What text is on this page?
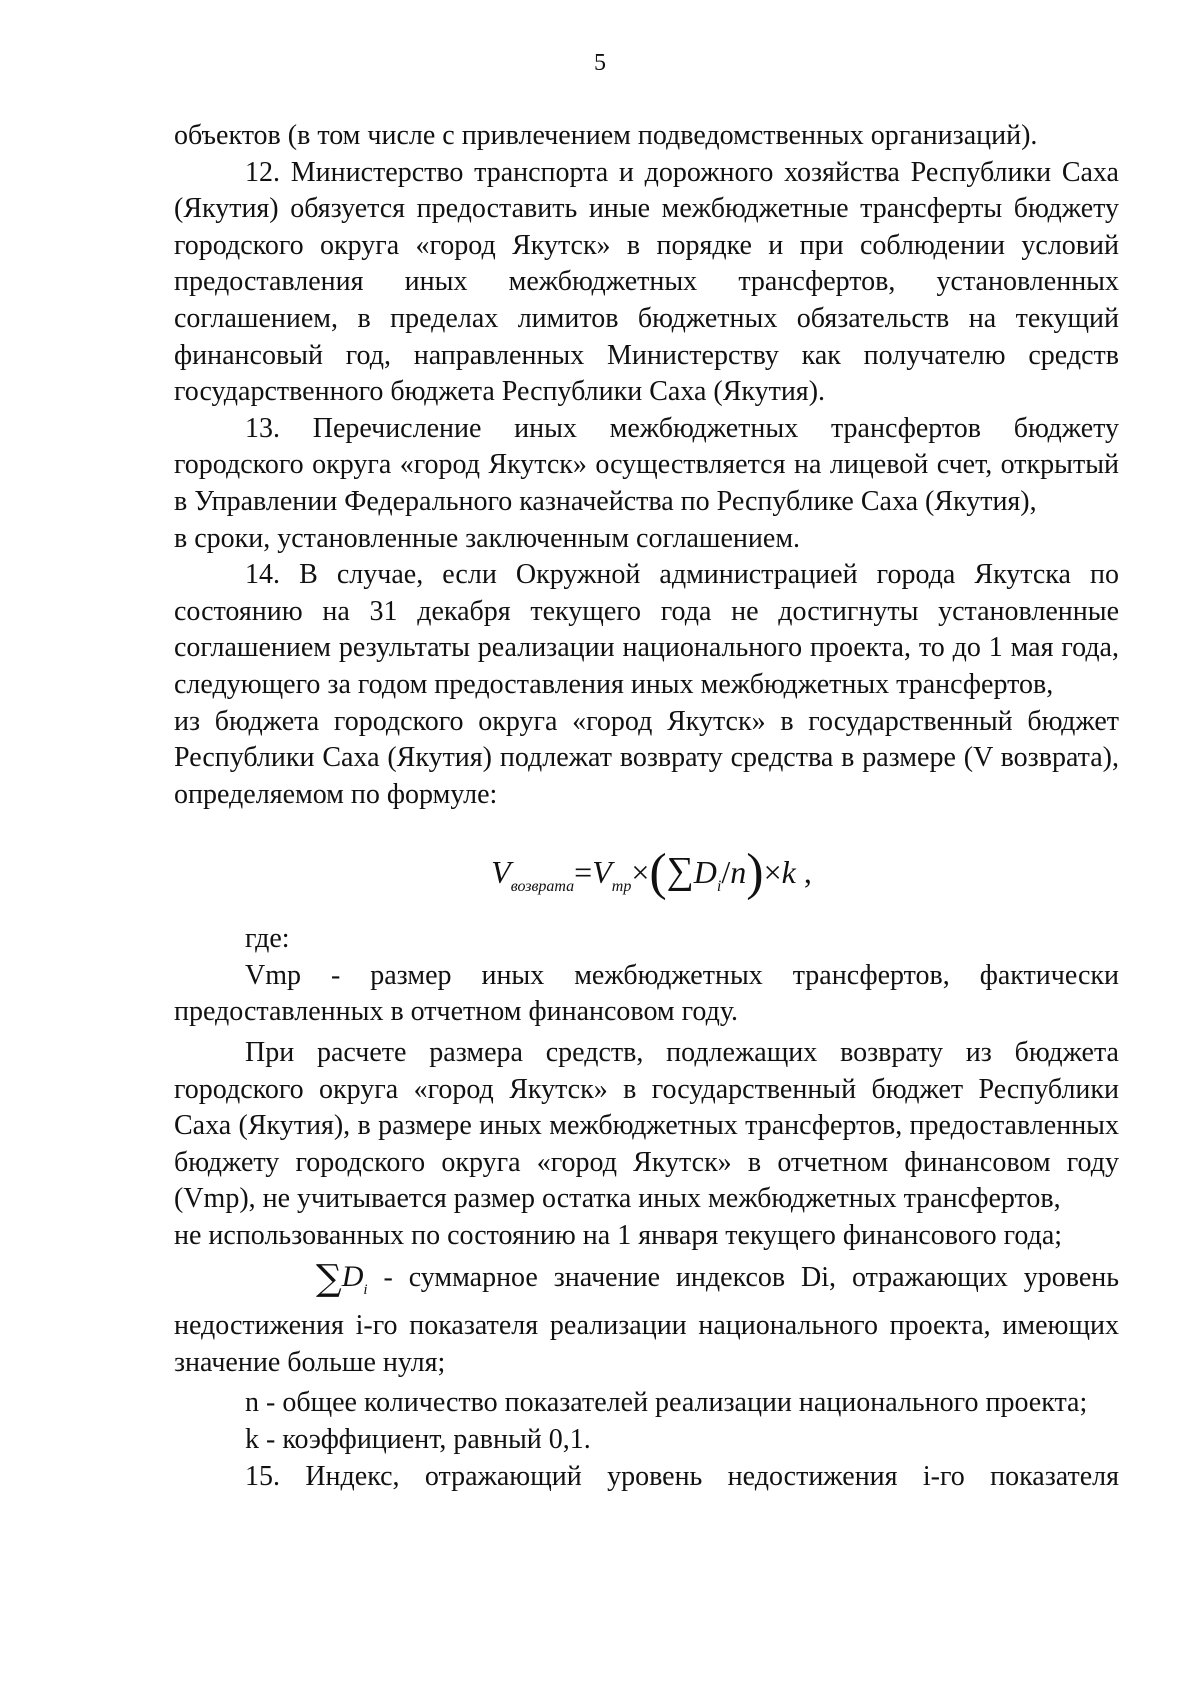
5

объектов (в том числе с привлечением подведомственных организаций).

12. Министерство транспорта и дорожного хозяйства Республики Саха (Якутия) обязуется предоставить иные межбюджетные трансферты бюджету городского округа «город Якутск» в порядке и при соблюдении условий предоставления иных межбюджетных трансфертов, установленных соглашением, в пределах лимитов бюджетных обязательств на текущий финансовый год, направленных Министерству как получателю средств государственного бюджета Республики Саха (Якутия).

13. Перечисление иных межбюджетных трансфертов бюджету городского округа «город Якутск» осуществляется на лицевой счет, открытый в Управлении Федерального казначейства по Республике Саха (Якутия),

в сроки, установленные заключенным соглашением.

14. В случае, если Окружной администрацией города Якутска по состоянию на 31 декабря текущего года не достигнуты установленные соглашением результаты реализации национального проекта, то до 1 мая года, следующего за годом предоставления иных межбюджетных трансфертов,

из бюджета городского округа «город Якутск» в государственный бюджет Республики Саха (Якутия) подлежат возврату средства в размере (V возврата), определяемом по формуле:

$V_{возврата}=V_{тр}\times(\sum D_i/n)\times k$ ,

где:

Vmp - размер иных межбюджетных трансфертов, фактически предоставленных в отчетном финансовом году.

При расчете размера средств, подлежащих возврату из бюджета городского округа «город Якутск» в государственный бюджет Республики Саха (Якутия), в размере иных межбюджетных трансфертов, предоставленных бюджету городского округа «город Якутск» в отчетном финансовом году (Vmp), не учитывается размер остатка иных межбюджетных трансфертов,

не использованных по состоянию на 1 января текущего финансового года;

$\sum D_i$ - суммарное значение индексов Di, отражающих уровень недостижения i-го показателя реализации национального проекта, имеющих значение больше нуля;

n - общее количество показателей реализации национального проекта;

k - коэффициент, равный 0,1.

15. Индекс, отражающий уровень недостижения i-го показателя
